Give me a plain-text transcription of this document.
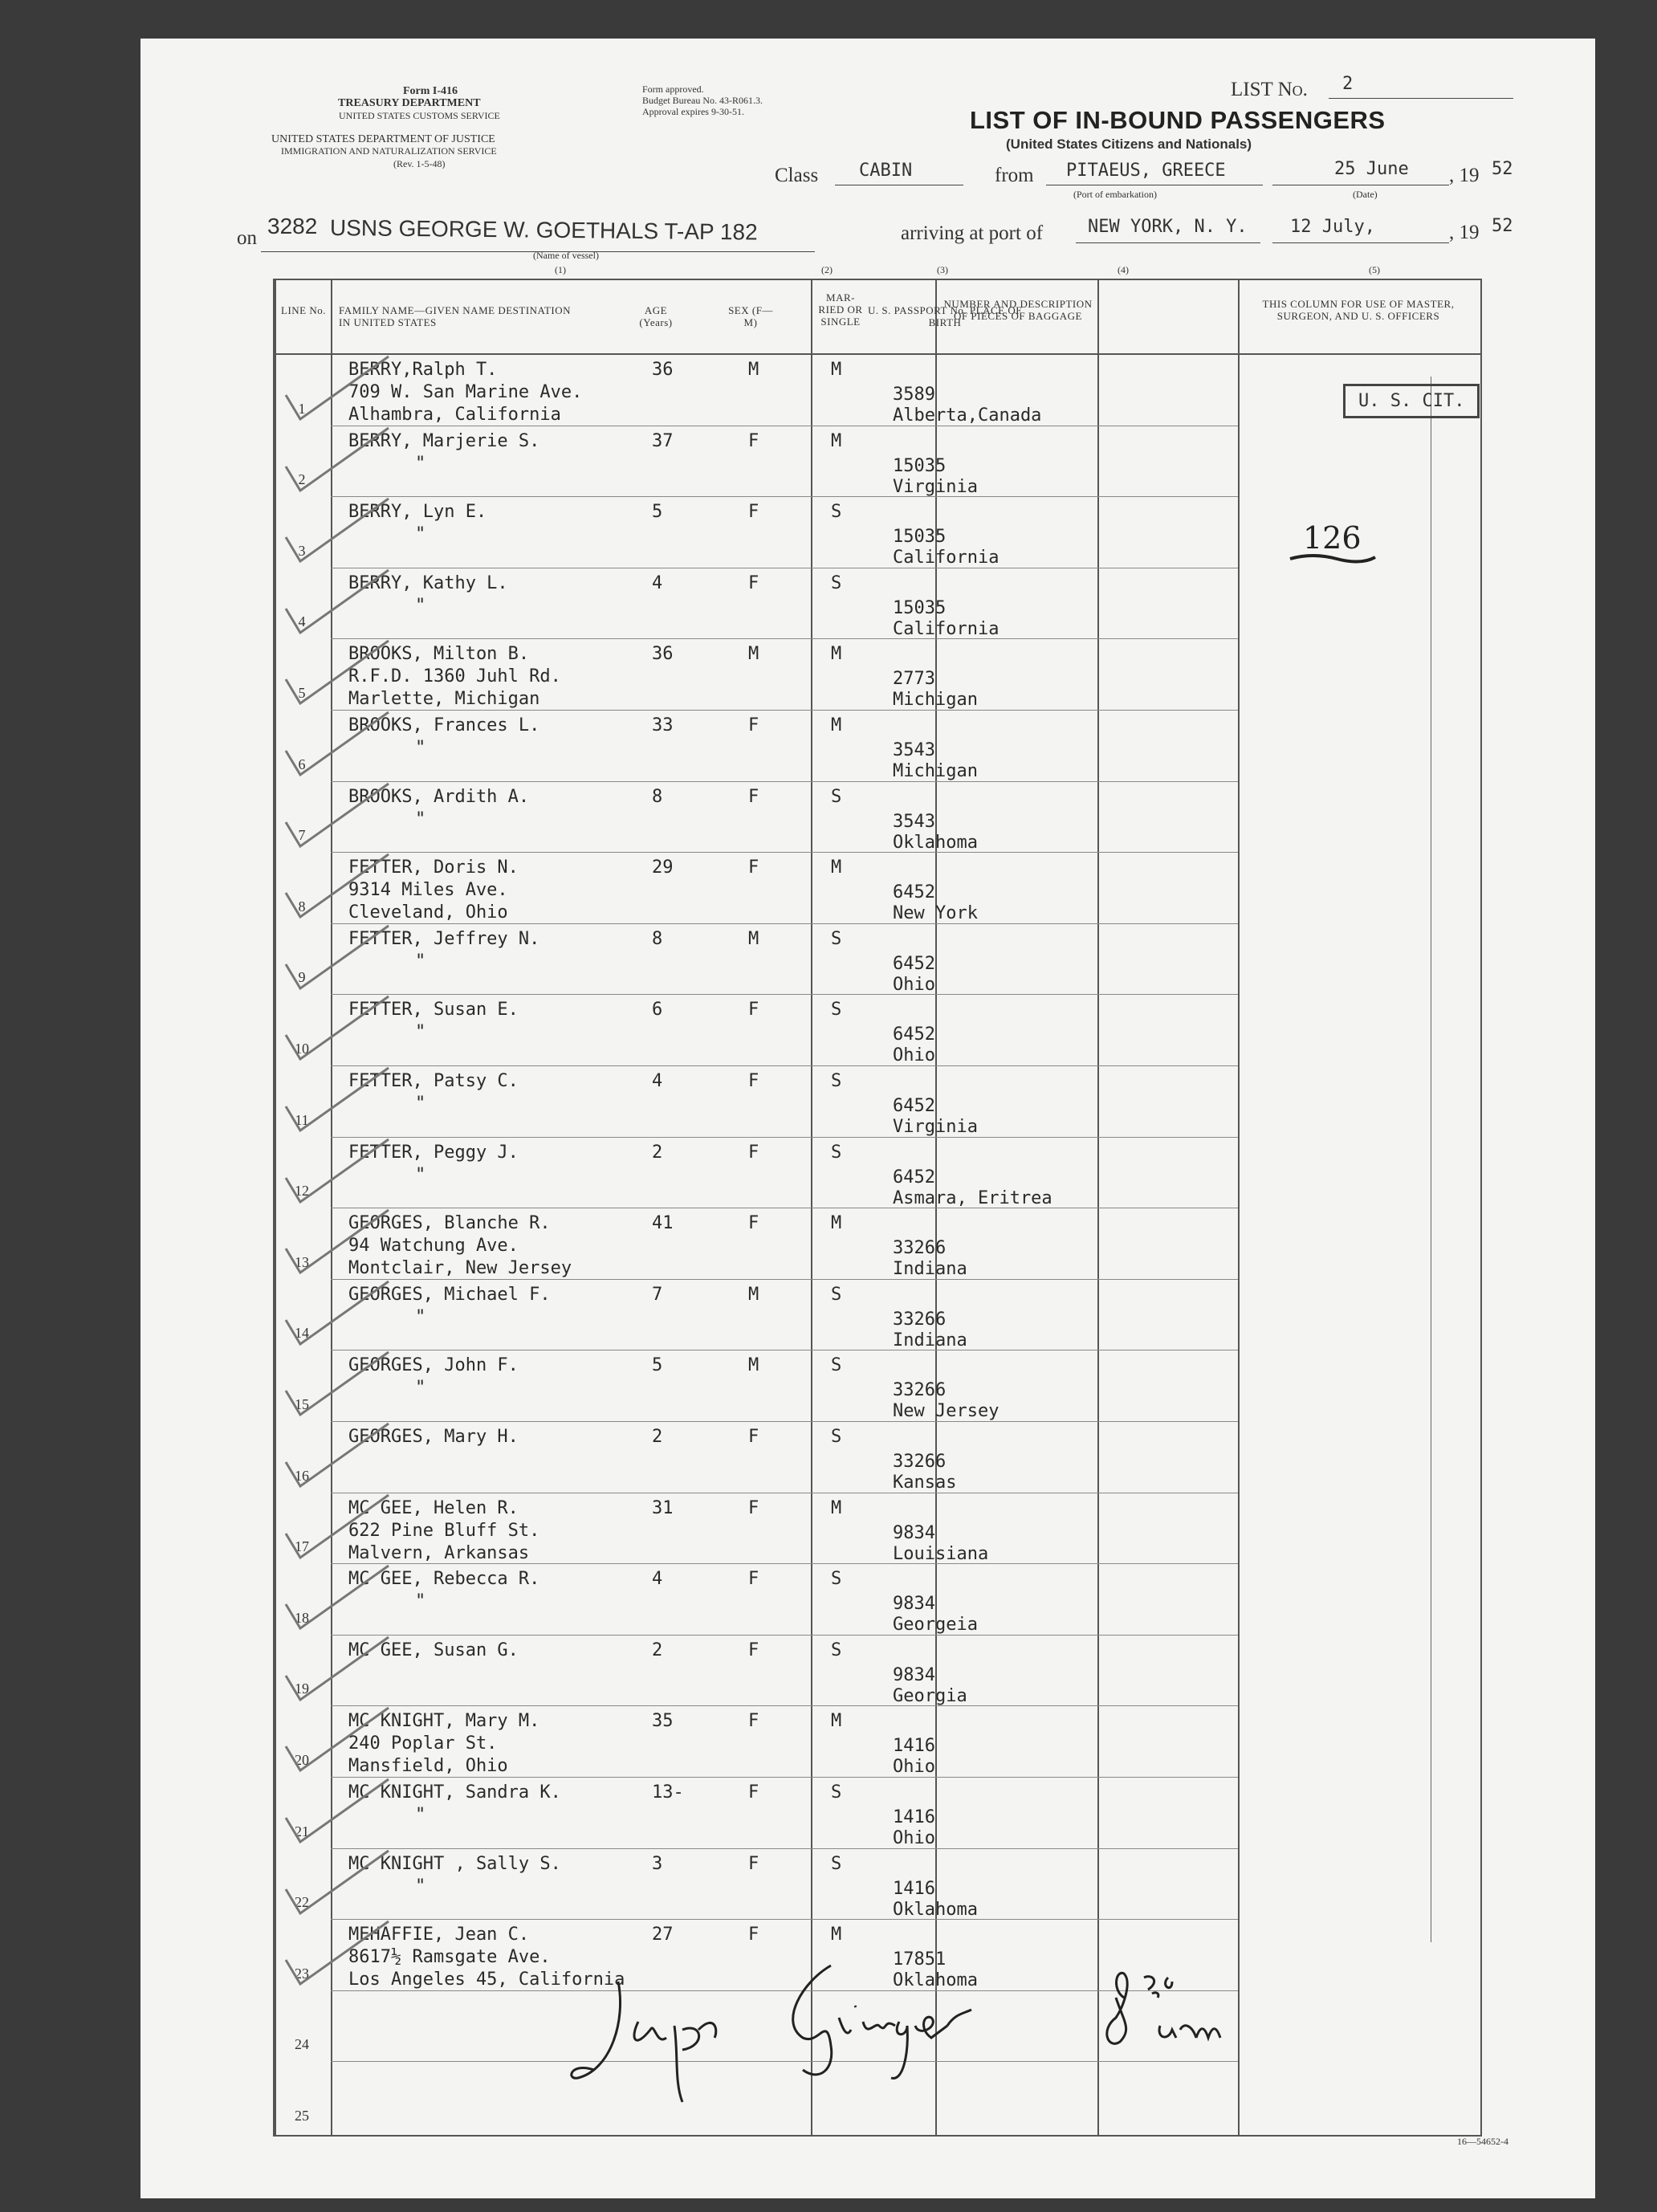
Form I-416
TREASURY DEPARTMENT
UNITED STATES CUSTOMS SERVICE
UNITED STATES DEPARTMENT OF JUSTICE
IMMIGRATION AND NATURALIZATION SERVICE
(Rev. 1-5-48)
Form approved.
Budget Bureau No. 43-R061.3.
Approval expires 9-30-51.
LIST No. 2
LIST OF IN-BOUND PASSENGERS
(United States Citizens and Nationals)
Class CABIN	from PITAEUS, GREECE
(Port of embarkation)
25 June
(Date)
, 19 52
on 3282 USNS GEORGE W. GOETHALS T-AP 182
(Name of vessel)
arriving at port of	NEW YORK, N. Y. 12 July,	, 19 52
(1)	(2)	(3)	(4)	(5)
LINE No.	FAMILY NAME—GIVEN NAME DESTINATION IN UNITED STATES
AGE (Years)
SEX (F—M)
MAR-RIED OR SINGLE
U. S. PASSPORT No. PLACE OF BIRTH
NUMBER AND DESCRIPTION OF PIECES OF BAGGAGE
THIS COLUMN FOR USE OF MASTER, SURGEON, AND U. S. OFFICERS
1
BERRY,Ralph T.
709 W. San Marine Ave.
Alhambra, California
36	M	M
3589
Alberta,Canada
2
BERRY, Marjerie S.
"
37	F	M
15035
Virginia
3
BERRY, Lyn E.
"
5	F	S
15035
California
4
BERRY, Kathy L.
"
4	F	S
15035
California
5
BROOKS, Milton B.
R.F.D. 1360 Juhl Rd.
Marlette, Michigan
36	M	M
2773
Michigan
6
BROOKS, Frances L.
"
33	F	M
3543
Michigan
7
BROOKS, Ardith A.
"
8	F	S
3543
Oklahoma
8
FETTER, Doris N.
9314 Miles Ave.
Cleveland, Ohio
29	F	M
6452
New York
9
FETTER, Jeffrey N.
"
8	M	S
6452
Ohio
10
FETTER, Susan E.
"
6	F	S
6452
Ohio
11
FETTER, Patsy C.
"
4	F	S
6452
Virginia
12
FETTER, Peggy J.
"
2	F	S
6452
Asmara, Eritrea
13
GEORGES, Blanche R.
94 Watchung Ave.
Montclair, New Jersey
41	F	M
33266
Indiana
14
GEORGES, Michael F.
"
7	M	S
33266
Indiana
15
GEORGES, John F.
"
5	M	S
33266
New Jersey
16
GEORGES, Mary H.	2	F	S
33266
Kansas
17
MC GEE, Helen R.
622 Pine Bluff St.
Malvern, Arkansas
31	F	M
9834
Louisiana
18
MC GEE, Rebecca R.
"
4	F	S
9834
Georgeia
19
MC GEE, Susan G.	2	F	S
9834
Georgia
20
MC KNIGHT, Mary M.
240 Poplar St.
Mansfield, Ohio
35	F	M
1416
Ohio
21
MC KNIGHT, Sandra K.
"
13-	F	S
1416
Ohio
22
MC KNIGHT , Sally S.
"
3	F	S
1416
Oklahoma
23
MEHAFFIE, Jean C.
8617½ Ramsgate Ave.
Los Angeles 45, California
27	F	M
17851
Oklahoma
24
25
U. S. CIT.
126
16—54652-4
